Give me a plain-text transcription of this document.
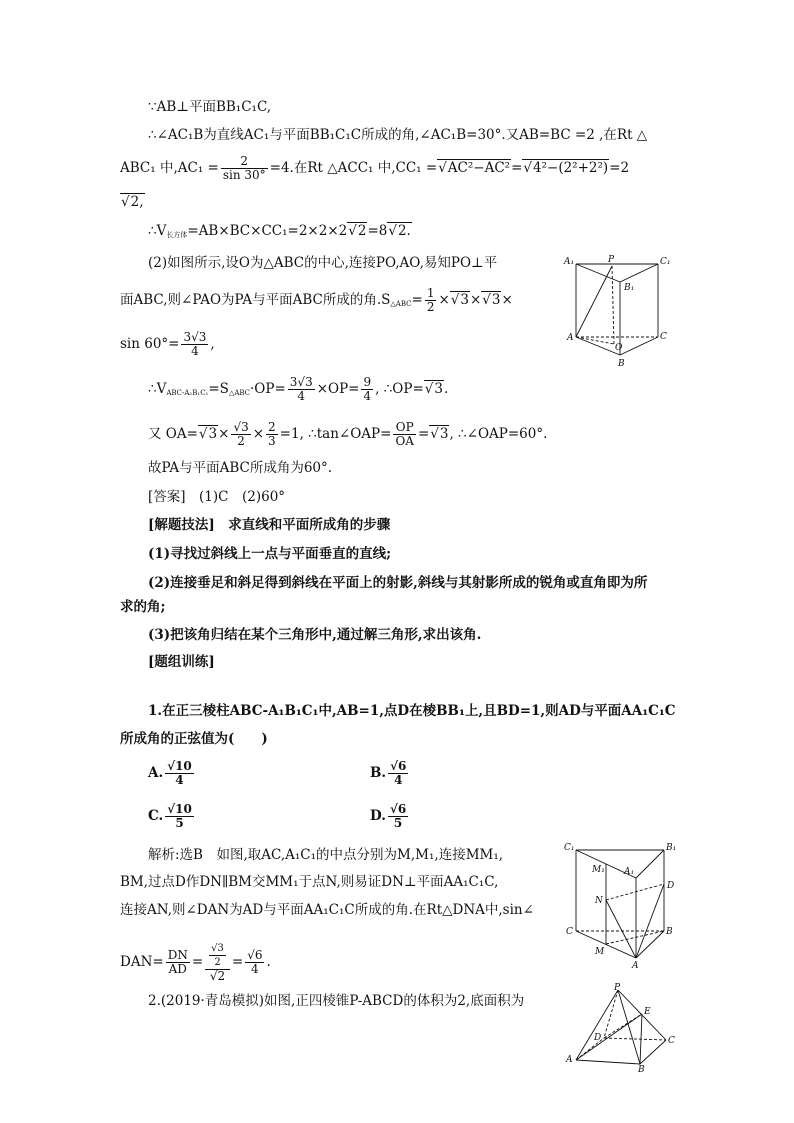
∵AB⊥平面BB₁C₁C,
∴∠AC₁B为直线AC₁与平面BB₁C₁C所成的角,∠AC₁B=30°.又AB=BC =2 ,在Rt △
ABC₁ 中$,AC_1 = \frac{2}{\sin 30^\circ} =4$.在Rt △ACC₁ 中,CC₁ = √ AC²−AC²= √ 4²−(2²+2²)=2
√ 2,
∴V长方体=AB×BC×CC₁=2×2×2 √ 2=8 √ 2.
(2)如图所示,设O为△ABC的中心,连接PO,AO,易知PO⊥平
面ABC,则∠PAO为PA与平面ABC所成的角.S△ABC= $\frac{1}{2}$ × √ 3× √ 3×
$\sin 60^\circ= \frac{3√3}{4}$ ,
∴VABC-A₁B₁C₁=S△ABC·OP= $\frac{3√3}{4} \times OP= \frac{9}{4}$ , ∴OP= √ 3.
又 OA= √ $3\times \frac{√3}{2} \times \frac{2}{3} =1$, ∴tan∠OAP= $\frac{OP}{OA}$ = √ 3, ∴∠OAP=60°.
故PA与平面ABC所成角为60°.
[答案]　(1)C　(2)60°
[解题技法]　求直线和平面所成角的步骤
(1)寻找过斜线上一点与平面垂直的直线;
(2)连接垂足和斜足得到斜线在平面上的射影,斜线与其射影所成的锐角或直角即为所
求的角;
(3)把该角归结在某个三角形中,通过解三角形,求出该角.
[题组训练]
1.在正三棱柱ABC-A₁B₁C₁中,AB=1,点D在棱BB₁上,且BD=1,则AD与平面AA₁C₁C
所成角的正弦值为(　　)
A. $\frac{√10}{4}$	B. $\frac{√6}{4}$
C. $\frac{√10}{5}$	D. $\frac{√6}{5}$
解析:选B　如图,取AC,A₁C₁的中点分别为M,M₁,连接MM₁,
BM,过点D作DN∥BM交MM₁于点N,则易证DN⊥平面AA₁C₁C,
连接AN,则∠DAN为AD与平面AA₁C₁C所成的角.在Rt△DNA中,sin∠
$DAN= \frac{DN}{AD} = \frac{\frac{√3}{2}}{√2} = \frac{√6}{4}$ .
2.(2019·青岛模拟)如图,正四棱锥P-ABCD的体积为2,底面积为
A₁	P	C₁
B₁
A	C
O
B
C₁
A₁
B₁
M₁
D
N
C	B
M
A
P
E
D	C
A
B
